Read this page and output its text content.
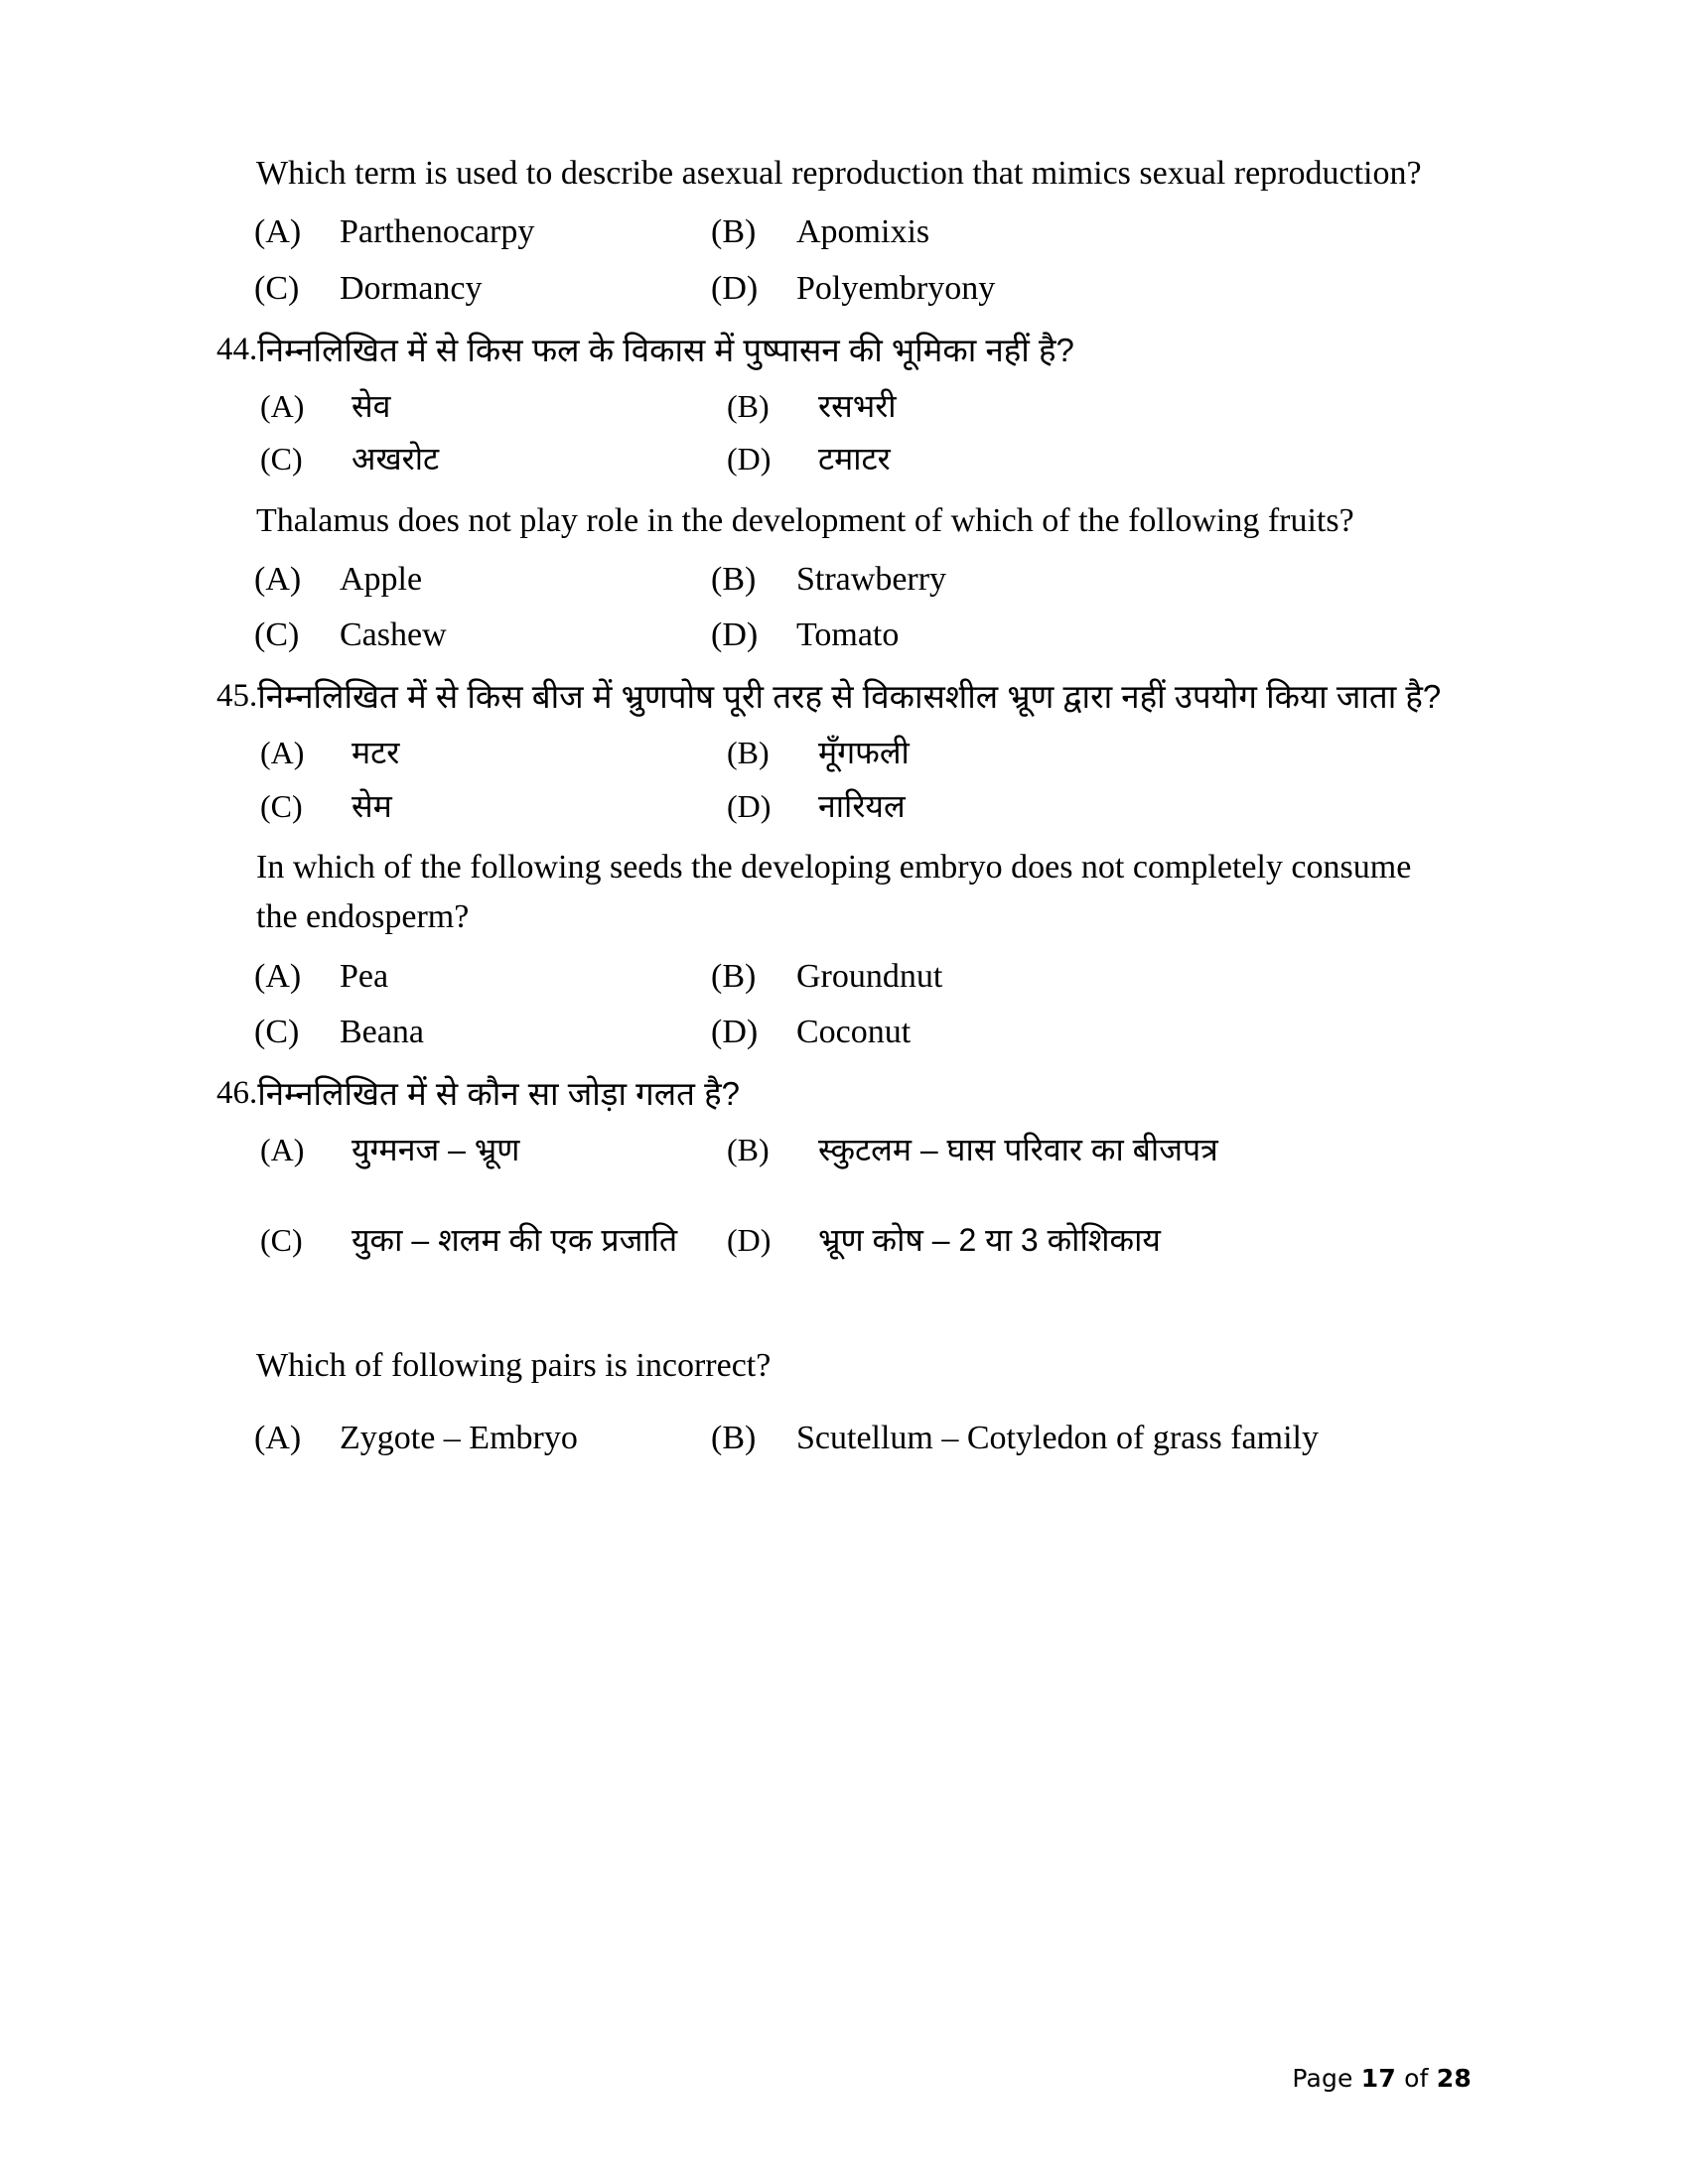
Which term is used to describe asexual reproduction that mimics sexual reproduction?
(A)	Parthenocarpy	(B)	Apomixis
(C)	Dormancy	(D)	Polyembryony
44. निम्नलिखित में से किस फल के विकास में पुष्पासन की भूमिका नहीं है?
(A)	सेव	(B)	रसभरी
(C)	अखरोट	(D)	टमाटर
Thalamus does not play role in the development of which of the following fruits?
(A)	Apple	(B)	Strawberry
(C)	Cashew	(D)	Tomato
45. निम्नलिखित में से किस बीज में भ्रुणपोष पूरी तरह से विकासशील भ्रूण द्वारा नहीं उपयोग किया जाता है?
(A)	मटर	(B)	मूँगफली
(C)	सेम	(D)	नारियल
In which of the following seeds the developing embryo does not completely consume the endosperm?
(A)	Pea	(B)	Groundnut
(C)	Beana	(D)	Coconut
46. निम्नलिखित में से कौन सा जोड़ा गलत है?
(A)	युग्मनज – भ्रूण	(B)	स्कुटलम – घास परिवार का बीजपत्र
(C)	युका – शलम की एक प्रजाति (D)	भ्रूण कोष – 2 या 3 कोशिकाय
Which of following pairs is incorrect?
(A)	Zygote – Embryo	(B)	Scutellum – Cotyledon of grass family
Page 17 of 28
